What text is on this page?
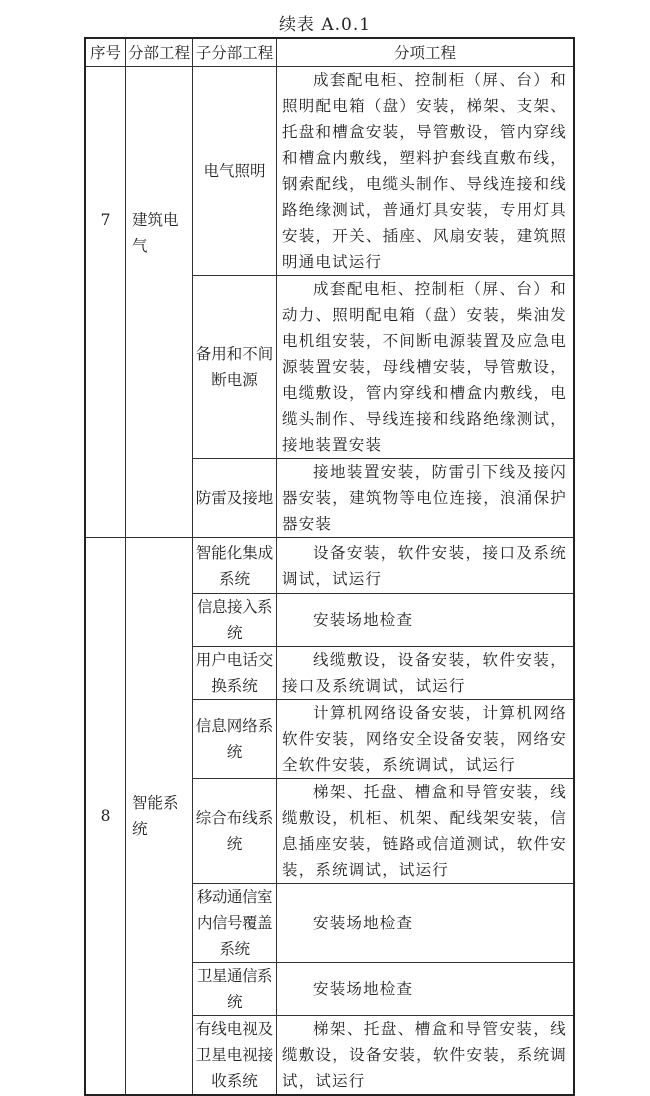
续表 A.0.1
序号	分部工程	子分部工程	分项工程
7	建筑电气	电气照明	成套配电柜、控制柜（屏、台）和照明配电箱（盘）安装，梯架、支架、托盘和槽盒安装，导管敷设，管内穿线和槽盒内敷线，塑料护套线直敷布线，钢索配线，电缆头制作、导线连接和线路绝缘测试，普通灯具安装，专用灯具安装，开关、插座、风扇安装，建筑照明通电试运行
		备用和不间断电源	成套配电柜、控制柜（屏、台）和动力、照明配电箱（盘）安装，柴油发电机组安装，不间断电源装置及应急电源装置安装，母线槽安装，导管敷设，电缆敷设，管内穿线和槽盒内敷线，电缆头制作、导线连接和线路绝缘测试，接地装置安装
		防雷及接地	接地装置安装，防雷引下线及接闪器安装，建筑物等电位连接，浪涌保护器安装
8	智能系统	智能化集成系统	设备安装，软件安装，接口及系统调试，试运行
		信息接入系统	安装场地检查
		用户电话交换系统	线缆敷设，设备安装，软件安装，接口及系统调试，试运行
		信息网络系统	计算机网络设备安装，计算机网络软件安装，网络安全设备安装，网络安全软件安装，系统调试，试运行
		综合布线系统	梯架、托盘、槽盒和导管安装，线缆敷设，机柜、机架、配线架安装，信息插座安装，链路或信道测试，软件安装，系统调试，试运行
		移动通信室内信号覆盖系统	安装场地检查
		卫星通信系统	安装场地检查
		有线电视及卫星电视接收系统	梯架、托盘、槽盒和导管安装，线缆敷设，设备安装，软件安装，系统调试，试运行
